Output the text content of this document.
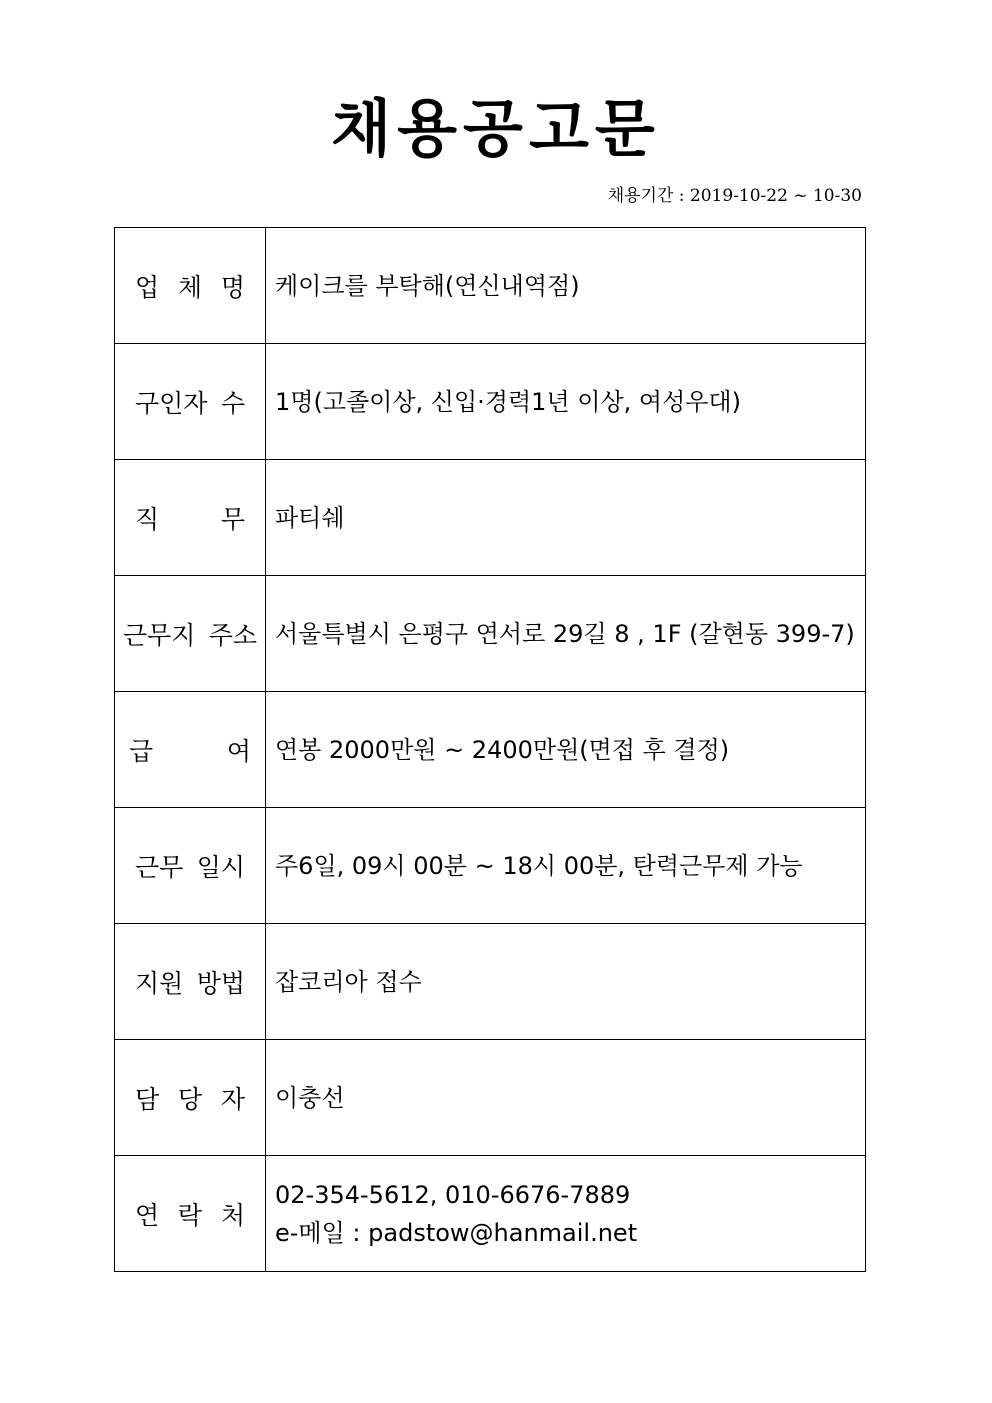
채용공고문
채용기간 : 2019-10-22 ~ 10-30
업 체 명	케이크를 부탁해(연신내역점)

구인자 수	1명(고졸이상, 신입·경력1년 이상, 여성우대)

직 무	파티쉐

근무지 주소	서울특별시 은평구 연서로 29길 8 , 1F (갈현동 399-7)

급 여	연봉 2000만원 ~ 2400만원(면접 후 결정)

근무 일시	주6일, 09시 00분 ~ 18시 00분, 탄력근무제 가능

지원 방법	잡코리아 접수

담 당 자	이충선

연 락 처	02-354-5612, 010-6676-7889
e-메일 : padstow@hanmail.net
